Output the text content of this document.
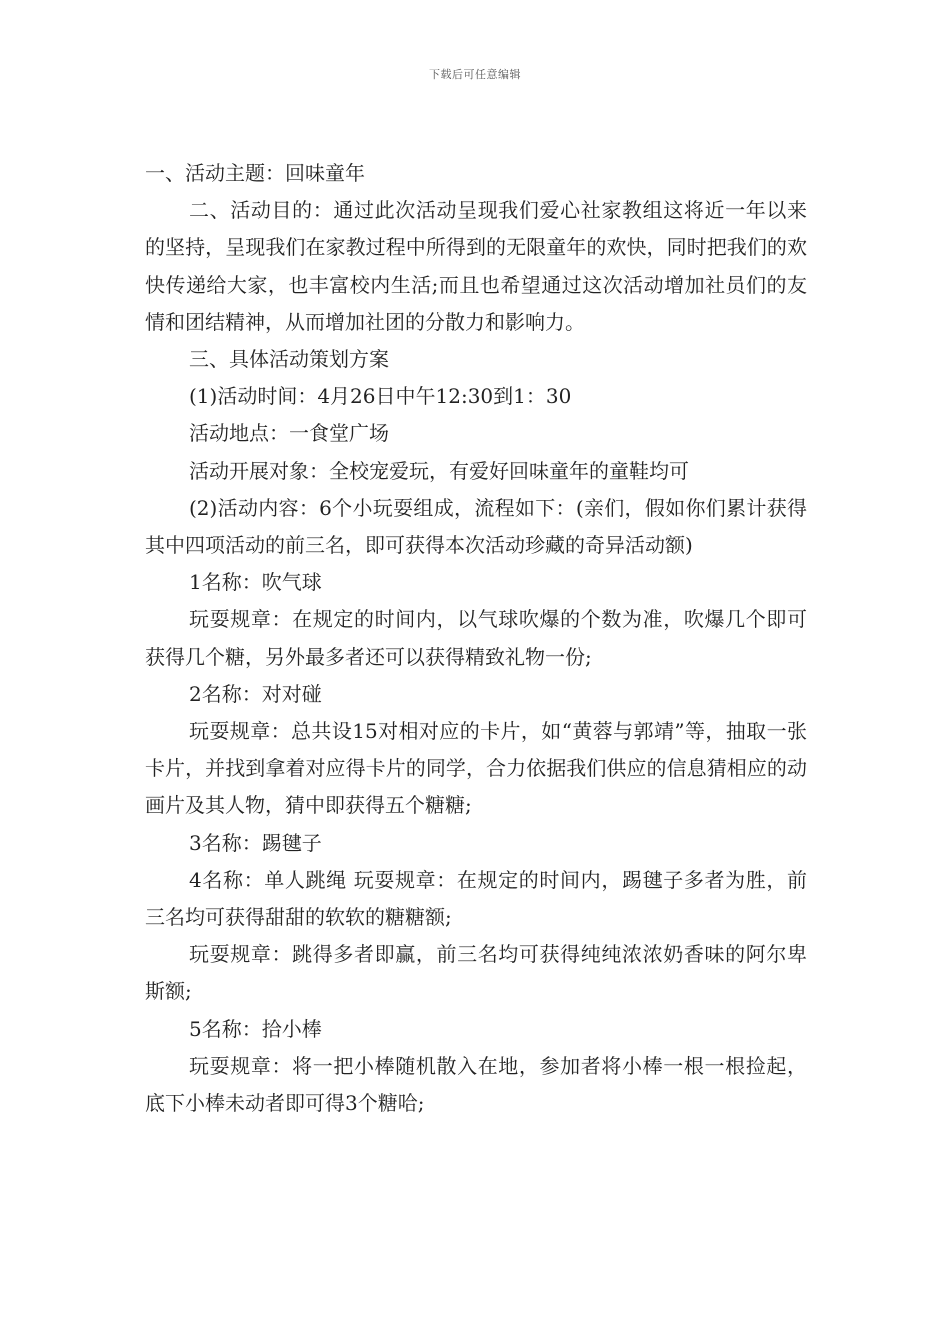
下载后可任意编辑

一、活动主题：回味童年

二、活动目的：通过此次活动呈现我们爱心社家教组这将近一年以来的坚持，呈现我们在家教过程中所得到的无限童年的欢快，同时把我们的欢快传递给大家，也丰富校内生活;而且也希望通过这次活动增加社员们的友情和团结精神，从而增加社团的分散力和影响力。

三、具体活动策划方案

(1)活动时间：4月26日中午12:30到1：30

活动地点：一食堂广场

活动开展对象：全校宠爱玩，有爱好回味童年的童鞋均可

(2)活动内容：6个小玩耍组成，流程如下：(亲们，假如你们累计获得其中四项活动的前三名，即可获得本次活动珍藏的奇异活动额)

1名称：吹气球

玩耍规章：在规定的时间内，以气球吹爆的个数为准，吹爆几个即可获得几个糖，另外最多者还可以获得精致礼物一份;

2名称：对对碰

玩耍规章：总共设15对相对应的卡片，如“黄蓉与郭靖”等，抽取一张卡片，并找到拿着对应得卡片的同学，合力依据我们供应的信息猜相应的动画片及其人物，猜中即获得五个糖糖;

3名称：踢毽子

4名称：单人跳绳 玩耍规章：在规定的时间内，踢毽子多者为胜，前三名均可获得甜甜的软软的糖糖额;

玩耍规章：跳得多者即赢，前三名均可获得纯纯浓浓奶香味的阿尔卑斯额;

5名称：拾小棒

玩耍规章：将一把小棒随机散入在地，参加者将小棒一根一根捡起，底下小棒未动者即可得3个糖哈;
